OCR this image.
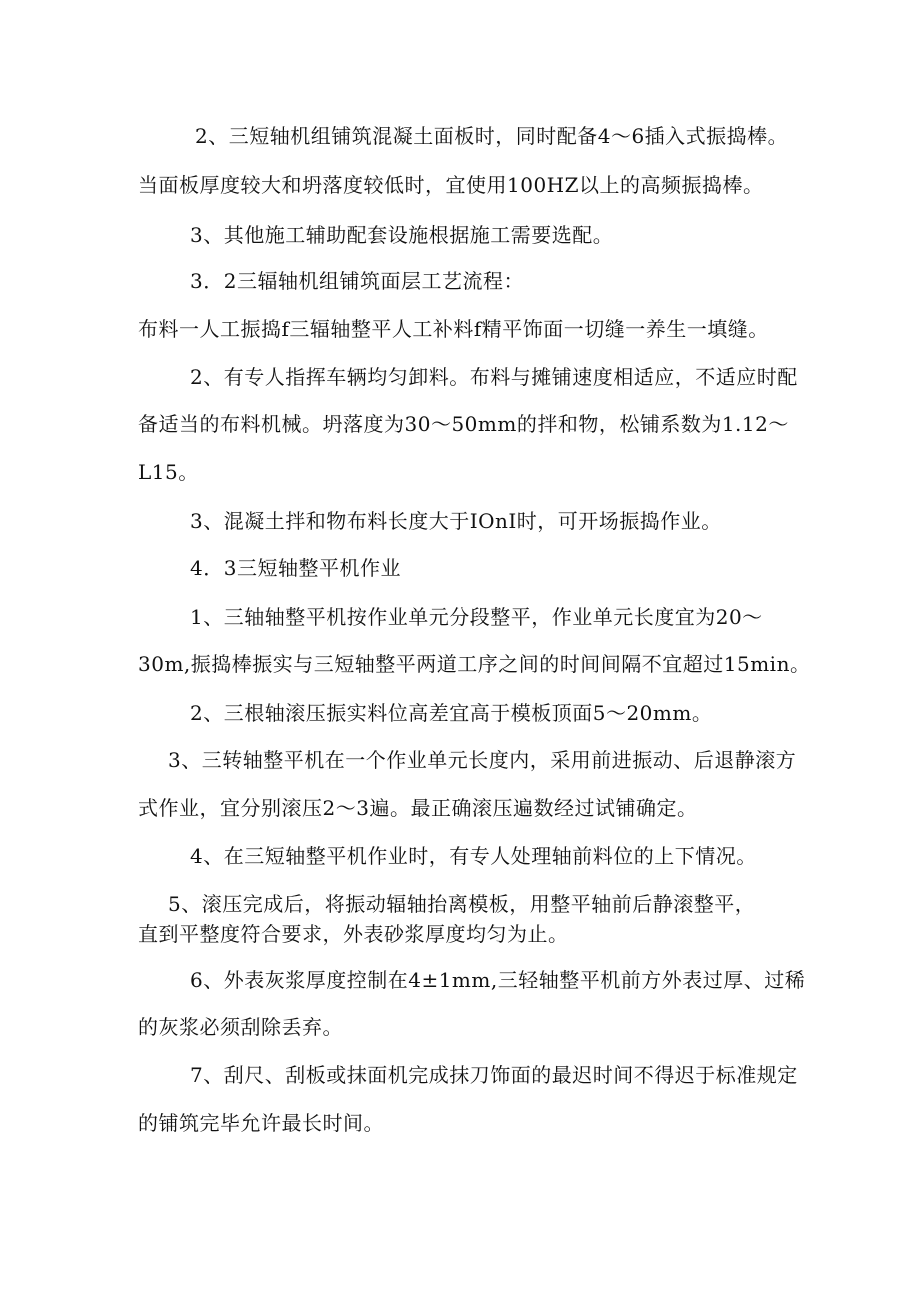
2、三短轴机组铺筑混凝土面板时，同时配备4～6插入式振捣棒。
当面板厚度较大和坍落度较低时，宜使用100HZ以上的高频振捣棒。
3、其他施工辅助配套设施根据施工需要选配。
3．2三辐轴机组铺筑面层工艺流程：
布料一人工振捣f三辐轴整平人工补料f精平饰面一切缝一养生一填缝。
2、有专人指挥车辆均匀卸料。布料与摊铺速度相适应，不适应时配
备适当的布料机械。坍落度为30～50mm的拌和物，松铺系数为1.12～
L15。
3、混凝土拌和物布料长度大于IOnI时，可开场振捣作业。
4．3三短轴整平机作业
1、三轴轴整平机按作业单元分段整平，作业单元长度宜为20～
30m,振捣棒振实与三短轴整平两道工序之间的时间间隔不宜超过15min。
2、三根轴滚压振实料位高差宜高于模板顶面5～20mm。
3、三转轴整平机在一个作业单元长度内，采用前进振动、后退静滚方
式作业，宜分别滚压2～3遍。最正确滚压遍数经过试铺确定。
4、在三短轴整平机作业时，有专人处理轴前料位的上下情况。
5、滚压完成后，将振动辐轴抬离模板，用整平轴前后静滚整平，
直到平整度符合要求，外表砂浆厚度均匀为止。
6、外表灰浆厚度控制在4±1mm,三轻轴整平机前方外表过厚、过稀
的灰浆必须刮除丢弃。
7、刮尺、刮板或抹面机完成抹刀饰面的最迟时间不得迟于标准规定
的铺筑完毕允许最长时间。
